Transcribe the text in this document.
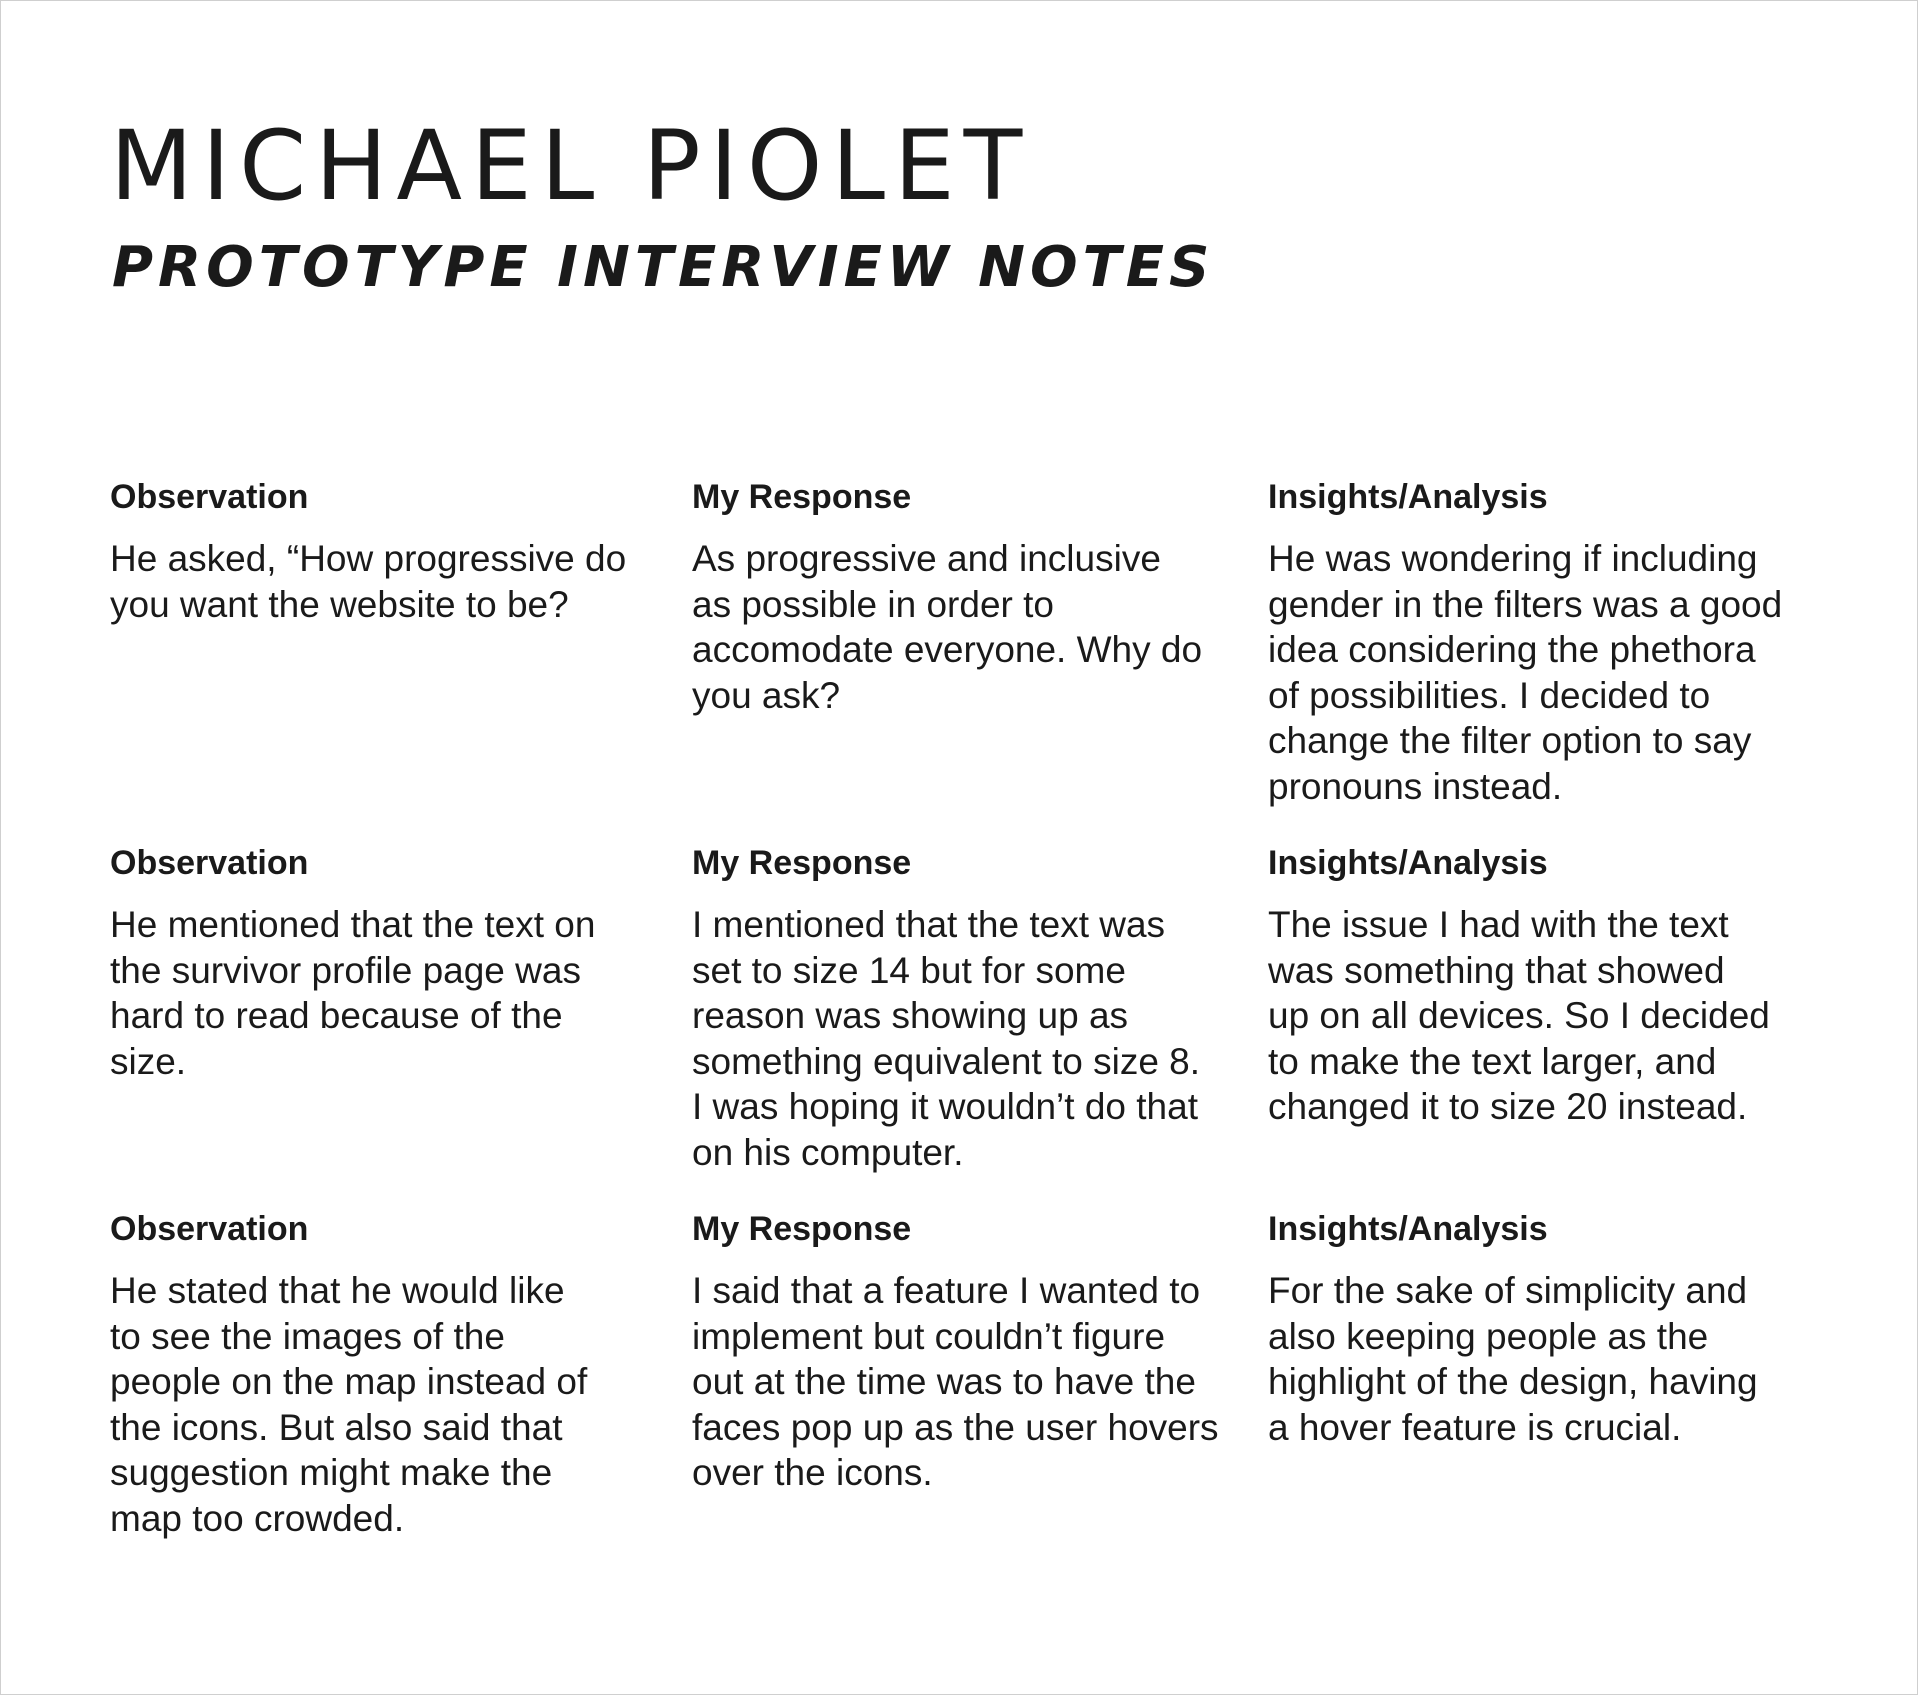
MICHAEL PIOLET
PROTOTYPE INTERVIEW NOTES
Observation

He asked, “How progressive do
you want the website to be?

My Response

As progressive and inclusive
as possible in order to
accomodate everyone. Why do
you ask?

Insights/Analysis

He was wondering if including
gender in the filters was a good
idea considering the phethora
of possibilities. I decided to
change the filter option to say
pronouns instead.

Observation

He mentioned that the text on
the survivor profile page was
hard to read because of the
size.

My Response

I mentioned that the text was
set to size 14 but for some
reason was showing up as
something equivalent to size 8.
I was hoping it wouldn’t do that
on his computer.

Insights/Analysis

The issue I had with the text
was something that showed
up on all devices. So I decided
to make the text larger, and
changed it to size 20 instead.

Observation

He stated that he would like
to see the images of the
people on the map instead of
the icons. But also said that
suggestion might make the
map too crowded.

My Response

I said that a feature I wanted to
implement but couldn’t figure
out at the time was to have the
faces pop up as the user hovers
over the icons.

Insights/Analysis

For the sake of simplicity and
also keeping people as the
highlight of the design, having
a hover feature is crucial.
